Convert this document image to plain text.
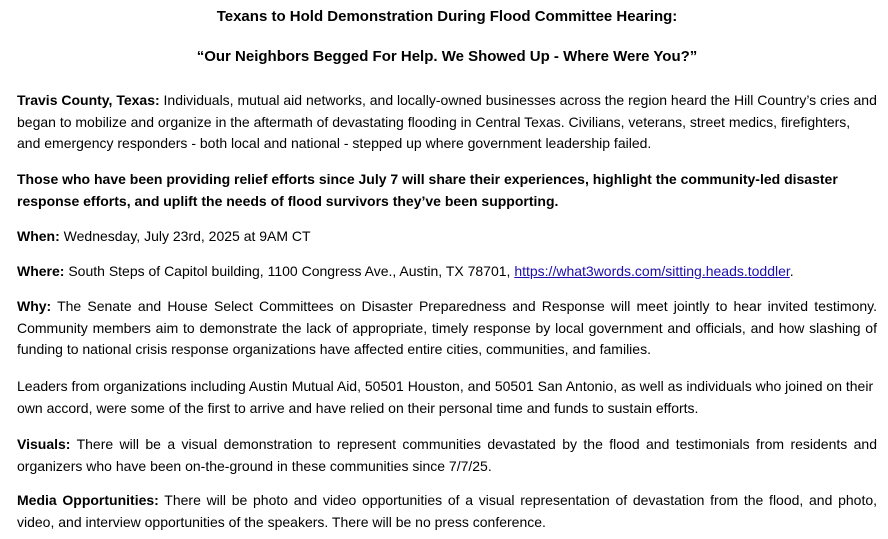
Texans to Hold Demonstration During Flood Committee Hearing:

“Our Neighbors Begged For Help. We Showed Up - Where Were You?”

Travis County, Texas: Individuals, mutual aid networks, and locally-owned businesses across the region heard the Hill Country’s cries and began to mobilize and organize in the aftermath of devastating flooding in Central Texas. Civilians, veterans, street medics, firefighters, and emergency responders - both local and national - stepped up where government leadership failed.

Those who have been providing relief efforts since July 7 will share their experiences, highlight the community-led disaster response efforts, and uplift the needs of flood survivors they’ve been supporting.

When: Wednesday, July 23rd, 2025 at 9AM CT

Where: South Steps of Capitol building, 1100 Congress Ave., Austin, TX 78701, https://what3words.com/sitting.heads.toddler.

Why: The Senate and House Select Committees on Disaster Preparedness and Response will meet jointly to hear invited testimony. Community members aim to demonstrate the lack of appropriate, timely response by local government and officials, and how slashing of funding to national crisis response organizations have affected entire cities, communities, and families.

Leaders from organizations including Austin Mutual Aid, 50501 Houston, and 50501 San Antonio, as well as individuals who joined on their own accord, were some of the first to arrive and have relied on their personal time and funds to sustain efforts.

Visuals: There will be a visual demonstration to represent communities devastated by the flood and testimonials from residents and organizers who have been on-the-ground in these communities since 7/7/25.

Media Opportunities: There will be photo and video opportunities of a visual representation of devastation from the flood, and photo, video, and interview opportunities of the speakers. There will be no press conference.
